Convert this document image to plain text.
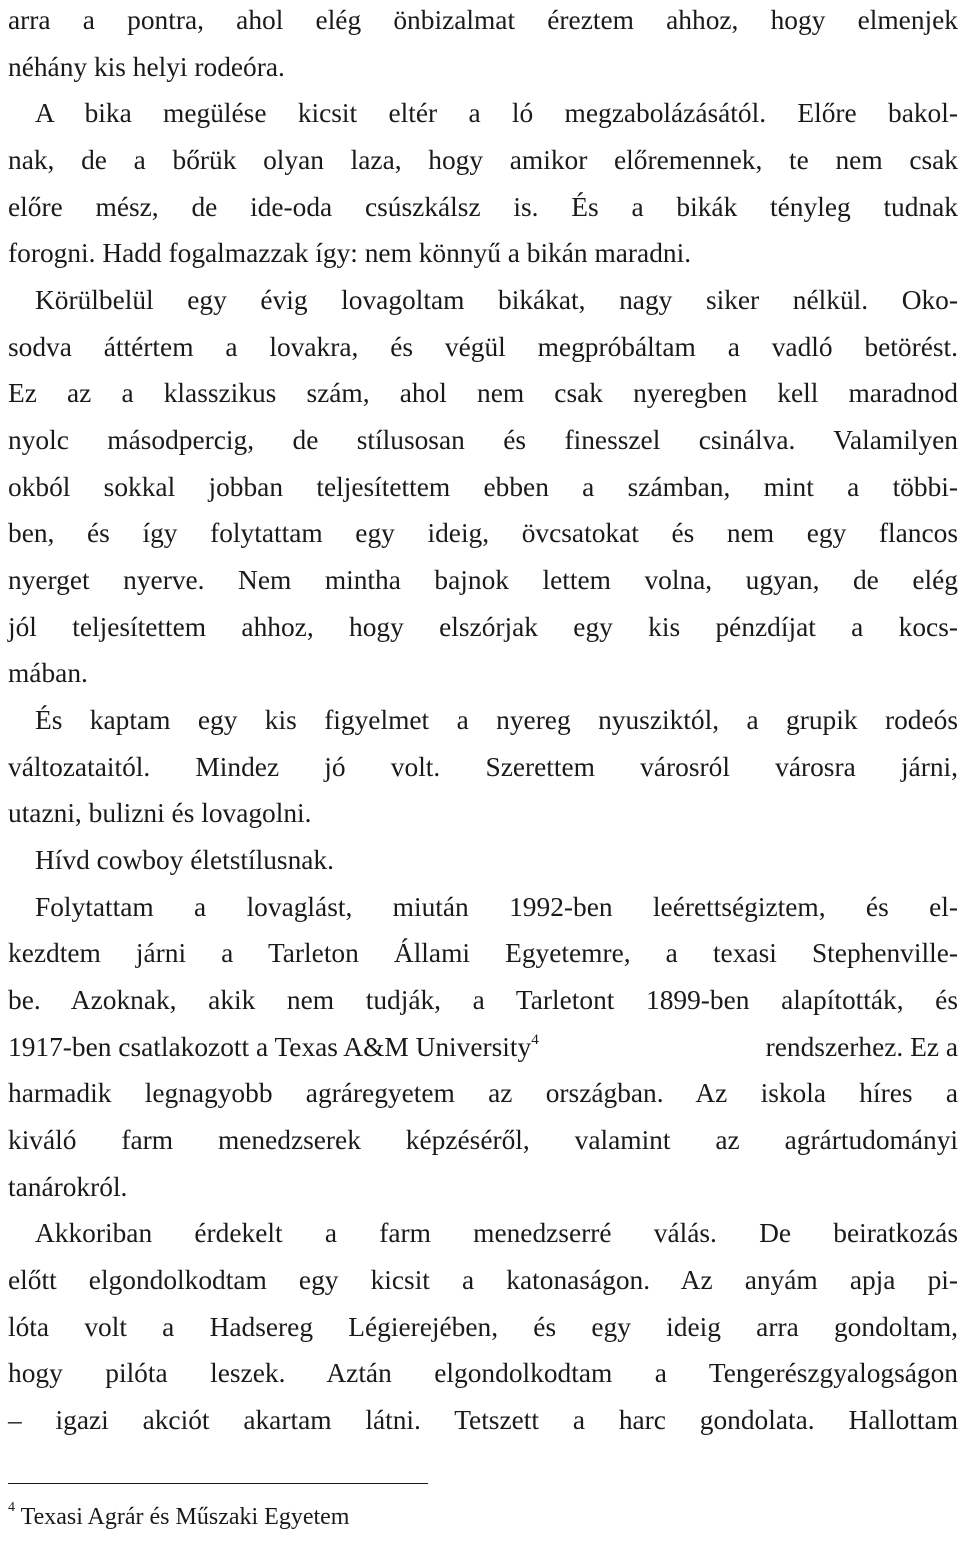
arra a pontra, ahol elég önbizalmat éreztem ahhoz, hogy elmenjek
néhány kis helyi rodeóra.
A bika megülése kicsit eltér a ló megzabolázásától. Előre bakol-
nak, de a bőrük olyan laza, hogy amikor előremennek, te nem csak
előre mész, de ide-oda csúszkálsz is. És a bikák tényleg tudnak
forogni. Hadd fogalmazzak így: nem könnyű a bikán maradni.
Körülbelül egy évig lovagoltam bikákat, nagy siker nélkül. Oko-
sodva áttértem a lovakra, és végül megpróbáltam a vadló betörést.
Ez az a klasszikus szám, ahol nem csak nyeregben kell maradnod
nyolc másodpercig, de stílusosan és finesszel csinálva. Valamilyen
okból sokkal jobban teljesítettem ebben a számban, mint a többi-
ben, és így folytattam egy ideig, övcsatokat és nem egy flancos
nyerget nyerve. Nem mintha bajnok lettem volna, ugyan, de elég
jól teljesítettem ahhoz, hogy elszórjak egy kis pénzdíjat a kocs-
mában.
És kaptam egy kis figyelmet a nyereg nyusziktól, a grupik rodeós
változataitól. Mindez jó volt. Szerettem városról városra járni,
utazni, bulizni és lovagolni.
Hívd cowboy életstílusnak.
Folytattam a lovaglást, miután 1992-ben leérettségiztem, és el-
kezdtem járni a Tarleton Állami Egyetemre, a texasi Stephenville-
be. Azoknak, akik nem tudják, a Tarletont 1899-ben alapították, és
1917-ben csatlakozott a Texas A&M University$^4$	rendszerhez. Ez a
harmadik legnagyobb agráregyetem az országban. Az iskola híres a
kiváló farm menedzserek képzéséről, valamint az agrártudományi
tanárokról.
Akkoriban érdekelt a farm menedzserré válás. De beiratkozás
előtt elgondolkodtam egy kicsit a katonaságon. Az anyám apja pi-
lóta volt a Hadsereg Légierejében, és egy ideig arra gondoltam,
hogy pilóta leszek. Aztán elgondolkodtam a Tengerészgyalogságon
– igazi akciót akartam látni. Tetszett a harc gondolata. Hallottam
$^4$ Texasi Agrár és Műszaki Egyetem
